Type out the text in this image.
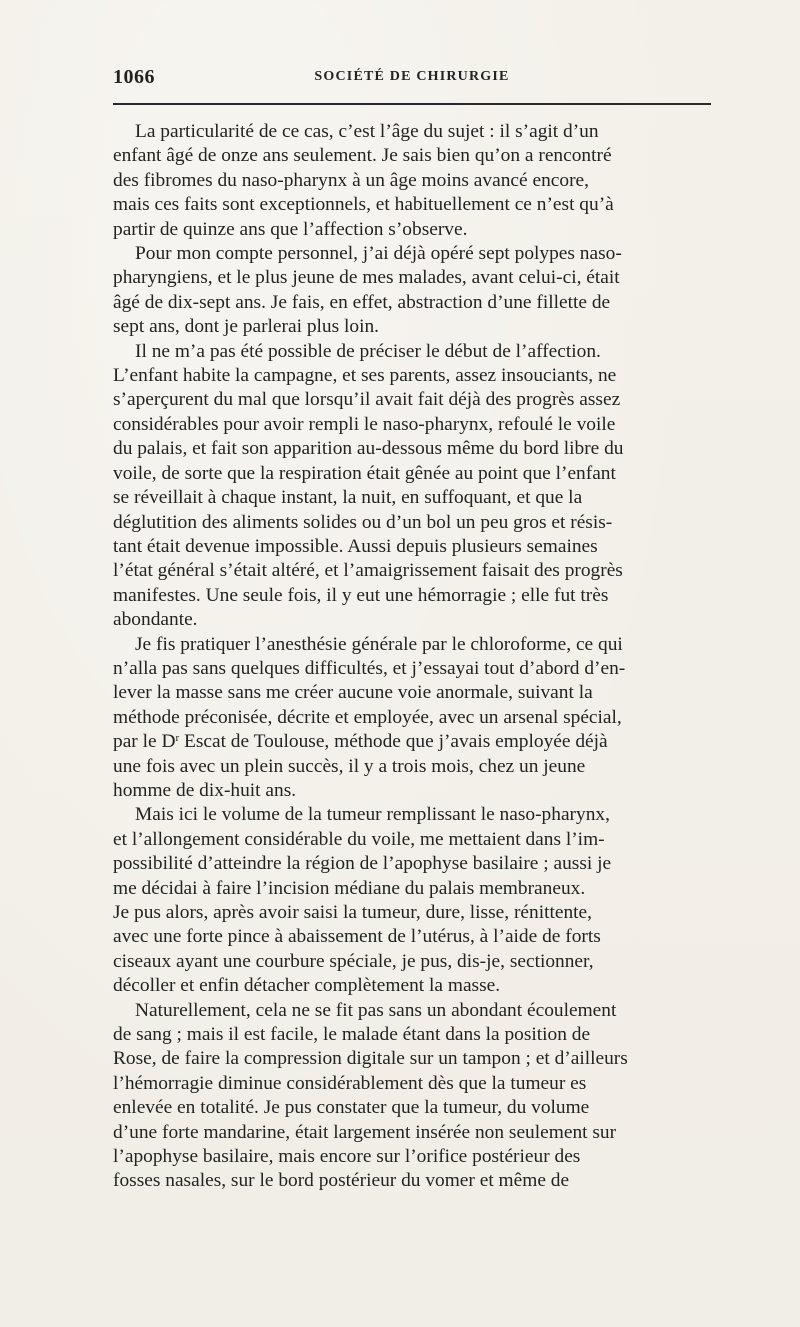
1066	SOCIÉTÉ DE CHIRURGIE

La particularité de ce cas, c’est l’âge du sujet : il s’agit d’un
enfant âgé de onze ans seulement. Je sais bien qu’on a rencontré
des fibromes du naso-pharynx à un âge moins avancé encore,
mais ces faits sont exceptionnels, et habituellement ce n’est qu’à
partir de quinze ans que l’affection s’observe.

Pour mon compte personnel, j’ai déjà opéré sept polypes naso-
pharyngiens, et le plus jeune de mes malades, avant celui-ci, était
âgé de dix-sept ans. Je fais, en effet, abstraction d’une fillette de
sept ans, dont je parlerai plus loin.

Il ne m’a pas été possible de préciser le début de l’affection.
L’enfant habite la campagne, et ses parents, assez insouciants, ne
s’aperçurent du mal que lorsqu’il avait fait déjà des progrès assez
considérables pour avoir rempli le naso-pharynx, refoulé le voile
du palais, et fait son apparition au-dessous même du bord libre du
voile, de sorte que la respiration était gênée au point que l’enfant
se réveillait à chaque instant, la nuit, en suffoquant, et que la
déglutition des aliments solides ou d’un bol un peu gros et résis-
tant était devenue impossible. Aussi depuis plusieurs semaines
l’état général s’était altéré, et l’amaigrissement faisait des progrès
manifestes. Une seule fois, il y eut une hémorragie ; elle fut très
abondante.

Je fis pratiquer l’anesthésie générale par le chloroforme, ce qui
n’alla pas sans quelques difficultés, et j’essayai tout d’abord d’en-
lever la masse sans me créer aucune voie anormale, suivant la
méthode préconisée, décrite et employée, avec un arsenal spécial,
par le $D^r$ Escat de Toulouse, méthode que j’avais employée déjà
une fois avec un plein succès, il y a trois mois, chez un jeune
homme de dix-huit ans.

Mais ici le volume de la tumeur remplissant le naso-pharynx,
et l’allongement considérable du voile, me mettaient dans l’im-
possibilité d’atteindre la région de l’apophyse basilaire ; aussi je
me décidai à faire l’incision médiane du palais membraneux.
Je pus alors, après avoir saisi la tumeur, dure, lisse, rénittente,
avec une forte pince à abaissement de l’utérus, à l’aide de forts
ciseaux ayant une courbure spéciale, je pus, dis-je, sectionner,
décoller et enfin détacher complètement la masse.

Naturellement, cela ne se fit pas sans un abondant écoulement
de sang ; mais il est facile, le malade étant dans la position de
Rose, de faire la compression digitale sur un tampon ; et d’ailleurs
l’hémorragie diminue considérablement dès que la tumeur es
enlevée en totalité. Je pus constater que la tumeur, du volume
d’une forte mandarine, était largement insérée non seulement sur
l’apophyse basilaire, mais encore sur l’orifice postérieur des
fosses nasales, sur le bord postérieur du vomer et même de
